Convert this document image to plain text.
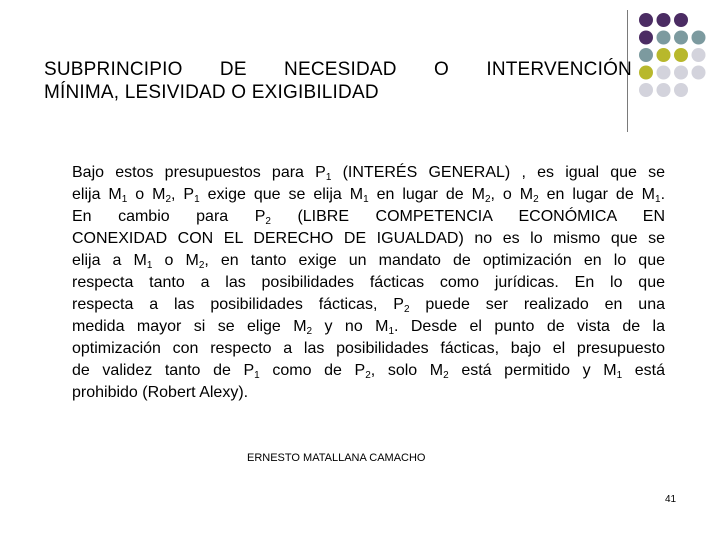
SUBPRINCIPIO DE NECESIDAD O INTERVENCIÓN
MÍNIMA, LESIVIDAD O EXIGIBILIDAD
Bajo estos presupuestos para $P_1$ (INTERÉS GENERAL) , es igual que se
elija $M_1$ o $M_2$, $P_1$ exige que se elija $M_1$ en lugar de $M_2$, o $M_2$ en lugar de $M_1$.
En cambio para $P_2$ (LIBRE COMPETENCIA ECONÓMICA EN
CONEXIDAD CON EL DERECHO DE IGUALDAD) no es lo mismo que se
elija a $M_1$ o $M_2$, en tanto exige un mandato de optimización en lo que
respecta tanto a las posibilidades fácticas como jurídicas. En lo que
respecta a las posibilidades fácticas, $P_2$ puede ser realizado en una
medida mayor si se elige $M_2$ y no $M_1$. Desde el punto de vista de la
optimización con respecto a las posibilidades fácticas, bajo el presupuesto
de validez tanto de $P_1$ como de $P_2$, solo $M_2$ está permitido y $M_1$ está
prohibido (Robert Alexy).
ERNESTO MATALLANA CAMACHO
41
